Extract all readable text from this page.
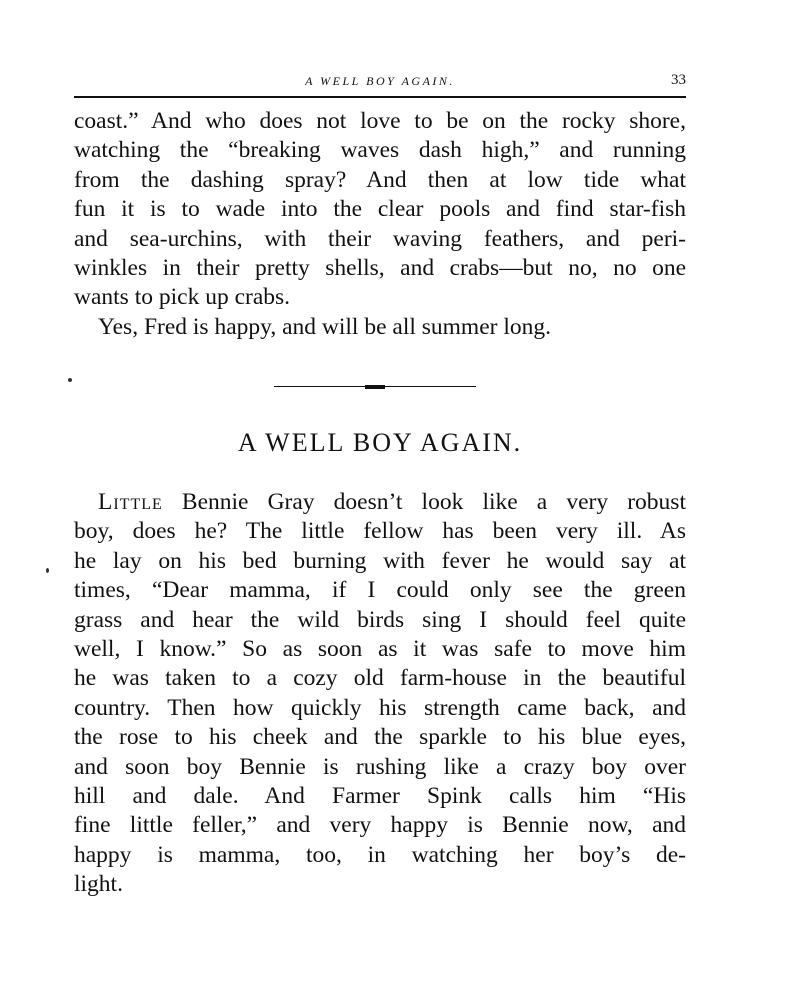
A WELL BOY AGAIN.	33
coast.” And who does not love to be on the rocky shore,
watching the “breaking waves dash high,” and running
from the dashing spray? And then at low tide what
fun it is to wade into the clear pools and find star-fish
and sea-urchins, with their waving feathers, and peri-
winkles in their pretty shells, and crabs—but no, no one
wants to pick up crabs.
Yes, Fred is happy, and will be all summer long.
A WELL BOY AGAIN.
Little Bennie Gray doesn’t look like a very robust
boy, does he? The little fellow has been very ill. As
he lay on his bed burning with fever he would say at
times, “Dear mamma, if I could only see the green
grass and hear the wild birds sing I should feel quite
well, I know.” So as soon as it was safe to move him
he was taken to a cozy old farm-house in the beautiful
country. Then how quickly his strength came back, and
the rose to his cheek and the sparkle to his blue eyes,
and soon boy Bennie is rushing like a crazy boy over
hill and dale. And Farmer Spink calls him “His
fine little feller,” and very happy is Bennie now, and
happy is mamma, too, in watching her boy’s de-
light.
